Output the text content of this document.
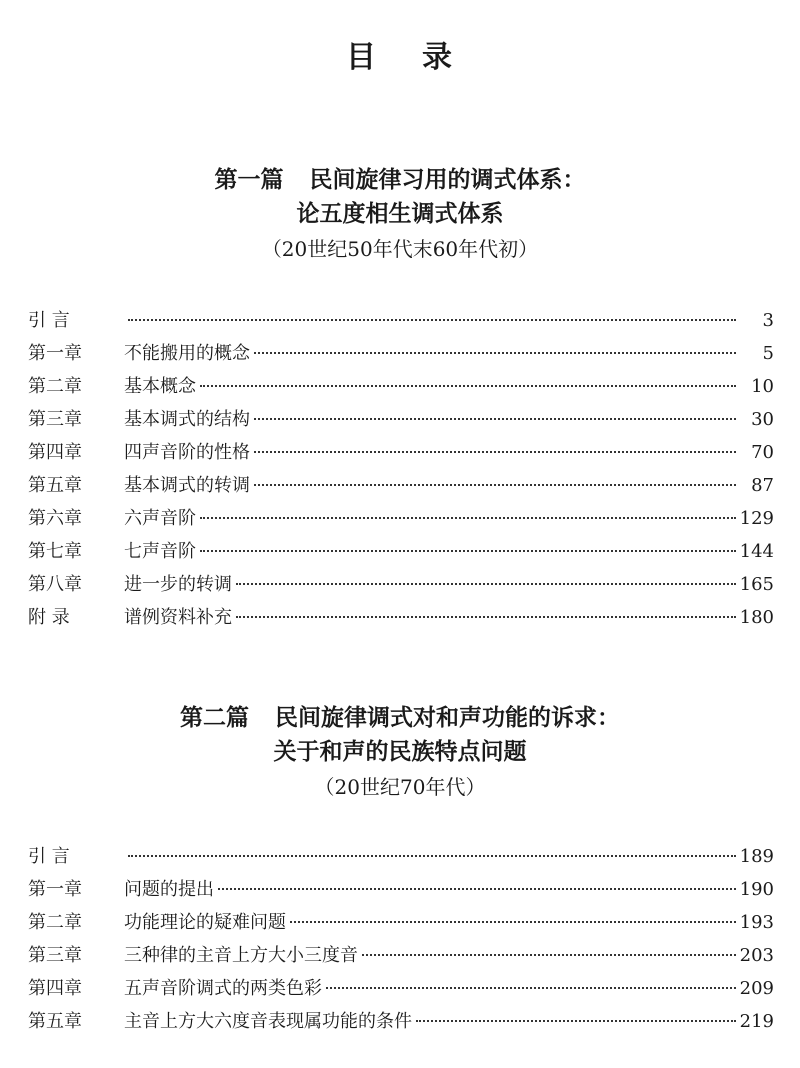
目 录
第一篇 民间旋律习用的调式体系：
论五度相生调式体系
（20世纪50年代末60年代初）
引 言	3
第一章	不能搬用的概念	5
第二章	基本概念	10
第三章	基本调式的结构	30
第四章	四声音阶的性格	70
第五章	基本调式的转调	87
第六章	六声音阶	129
第七章	七声音阶	144
第八章	进一步的转调	165
附 录	谱例资料补充	180
第二篇 民间旋律调式对和声功能的诉求：
关于和声的民族特点问题
（20世纪70年代）
引 言	189
第一章	问题的提出	190
第二章	功能理论的疑难问题	193
第三章	三种律的主音上方大小三度音	203
第四章	五声音阶调式的两类色彩	209
第五章	主音上方大六度音表现属功能的条件	219
